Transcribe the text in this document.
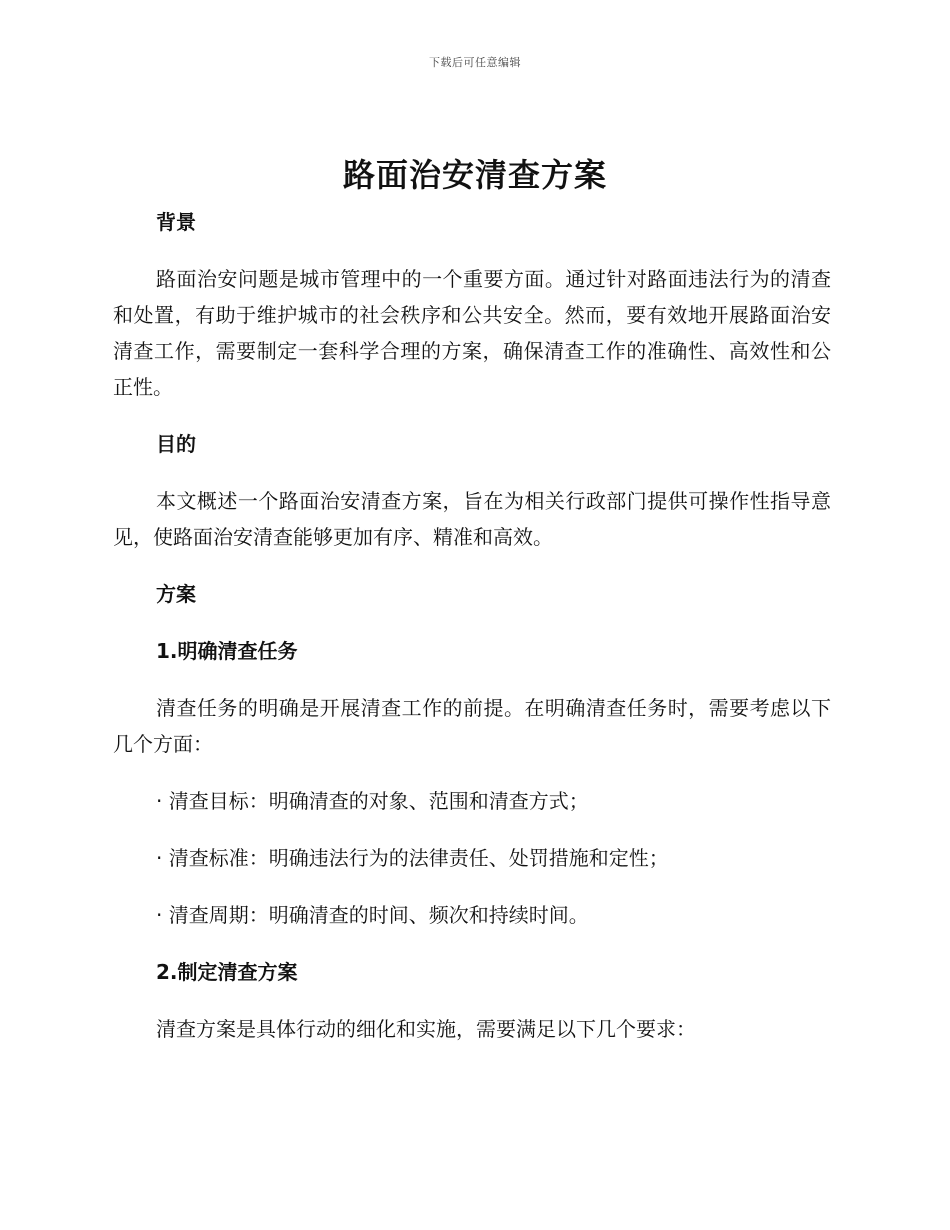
下载后可任意编辑
路面治安清查方案
背景

路面治安问题是城市管理中的一个重要方面。通过针对路面违法行为的清查和处置，有助于维护城市的社会秩序和公共安全。然而，要有效地开展路面治安清查工作，需要制定一套科学合理的方案，确保清查工作的准确性、高效性和公正性。

目的

本文概述一个路面治安清查方案，旨在为相关行政部门提供可操作性指导意见，使路面治安清查能够更加有序、精准和高效。

方案
1.明确清查任务

清查任务的明确是开展清查工作的前提。在明确清查任务时，需要考虑以下几个方面：

· 清查目标：明确清查的对象、范围和清查方式；
· 清查标准：明确违法行为的法律责任、处罚措施和定性；
· 清查周期：明确清查的时间、频次和持续时间。
2.制定清查方案

清查方案是具体行动的细化和实施，需要满足以下几个要求：
